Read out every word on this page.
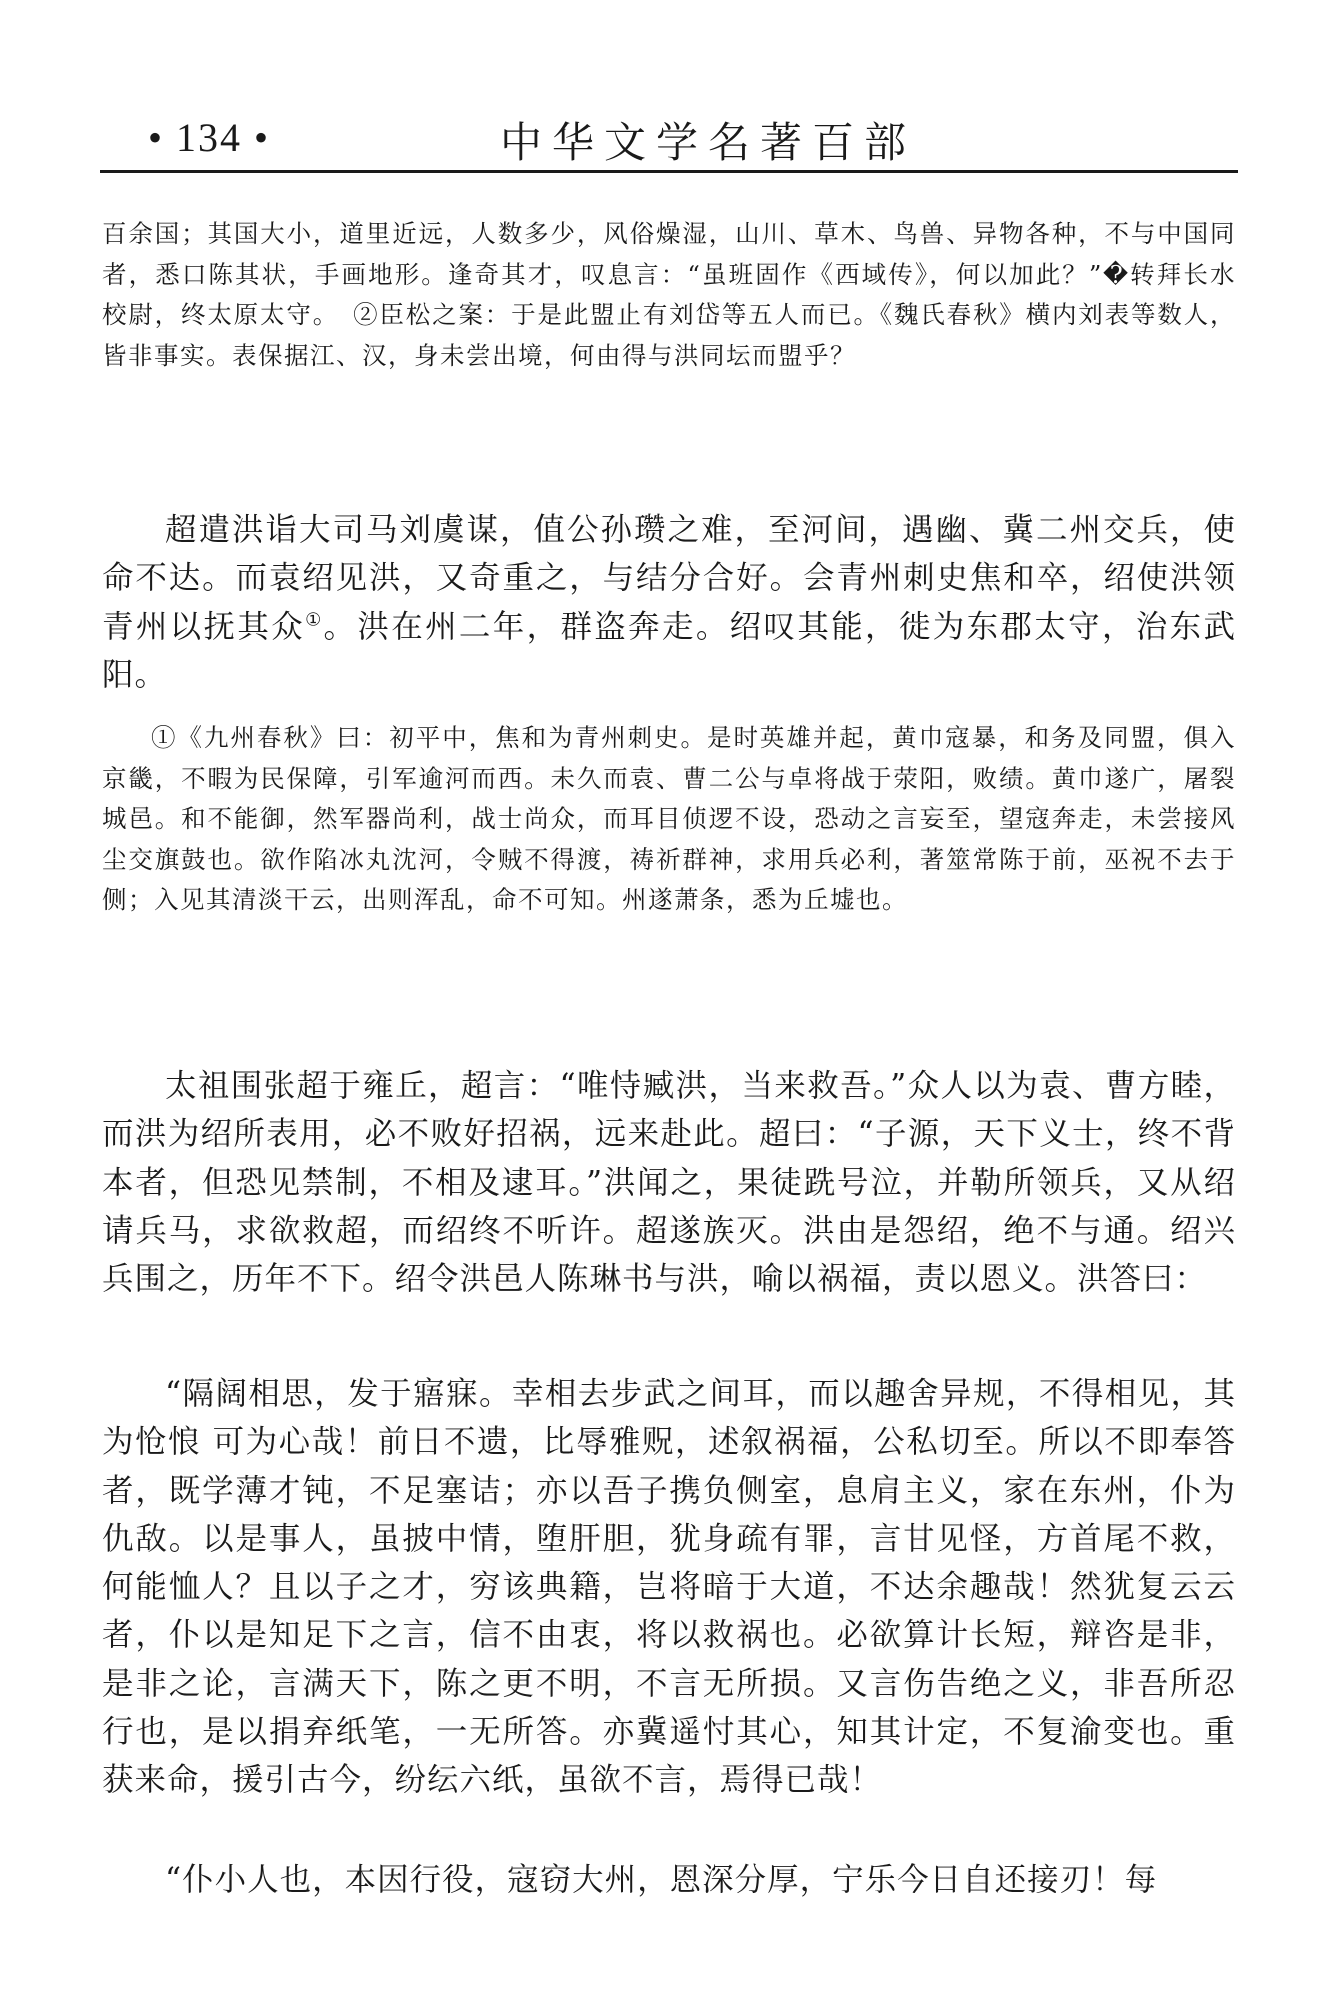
• 134 •	中华文学名著百部

百余国；其国大小，道里近远，人数多少，风俗燥湿，山川、草木、鸟兽、异物各种，不与中国同者，悉口陈其状，手画地形。逢奇其才，叹息言：“虽班固作《西域传》，何以加此？”�转拜长水校尉，终太原太守。　②臣松之案：于是此盟止有刘岱等五人而已。《魏氏春秋》横内刘表等数人，皆非事实。表保据江、汉，身未尝出境，何由得与洪同坛而盟乎？

超遣洪诣大司马刘虞谋，值公孙瓒之难，至河间，遇幽、冀二州交兵，使命不达。而袁绍见洪，又奇重之，与结分合好。会青州刺史焦和卒，绍使洪领青州以抚其众①。洪在州二年，群盗奔走。绍叹其能，徙为东郡太守，治东武阳。

①《九州春秋》曰：初平中，焦和为青州刺史。是时英雄并起，黄巾寇暴，和务及同盟，俱入京畿，不暇为民保障，引军逾河而西。未久而袁、曹二公与卓将战于荥阳，败绩。黄巾遂广，屠裂城邑。和不能御，然军器尚利，战士尚众，而耳目侦逻不设，恐动之言妄至，望寇奔走，未尝接风尘交旗鼓也。欲作陷冰丸沈河，令贼不得渡，祷祈群神，求用兵必利，著筮常陈于前，巫祝不去于侧；入见其清淡干云，出则浑乱，命不可知。州遂萧条，悉为丘墟也。

太祖围张超于雍丘，超言：“唯恃臧洪，当来救吾。”众人以为袁、曹方睦，而洪为绍所表用，必不败好招祸，远来赴此。超曰：“子源，天下义士，终不背本者，但恐见禁制，不相及逮耳。”洪闻之，果徒跣号泣，并勒所领兵，又从绍请兵马，求欲救超，而绍终不听许。超遂族灭。洪由是怨绍，绝不与通。绍兴兵围之，历年不下。绍令洪邑人陈琳书与洪，喻以祸福，责以恩义。洪答曰：

“隔阔相思，发于寤寐。幸相去步武之间耳，而以趣舍异规，不得相见，其为怆悢 可为心哉！前日不遗，比辱雅贶，述叙祸福，公私切至。所以不即奉答者，既学薄才钝，不足塞诘；亦以吾子携负侧室，息肩主义，家在东州，仆为仇敌。以是事人，虽披中情，堕肝胆，犹身疏有罪，言甘见怪，方首尾不救，何能恤人？且以子之才，穷该典籍，岂将暗于大道，不达余趣哉！然犹复云云者，仆以是知足下之言，信不由衷，将以救祸也。必欲算计长短，辩咨是非，是非之论，言满天下，陈之更不明，不言无所损。又言伤告绝之义，非吾所忍行也，是以捐弃纸笔，一无所答。亦冀遥忖其心，知其计定，不复渝变也。重获来命，援引古今，纷纭六纸，虽欲不言，焉得已哉！

“仆小人也，本因行役，寇窃大州，恩深分厚，宁乐今日自还接刃！每
